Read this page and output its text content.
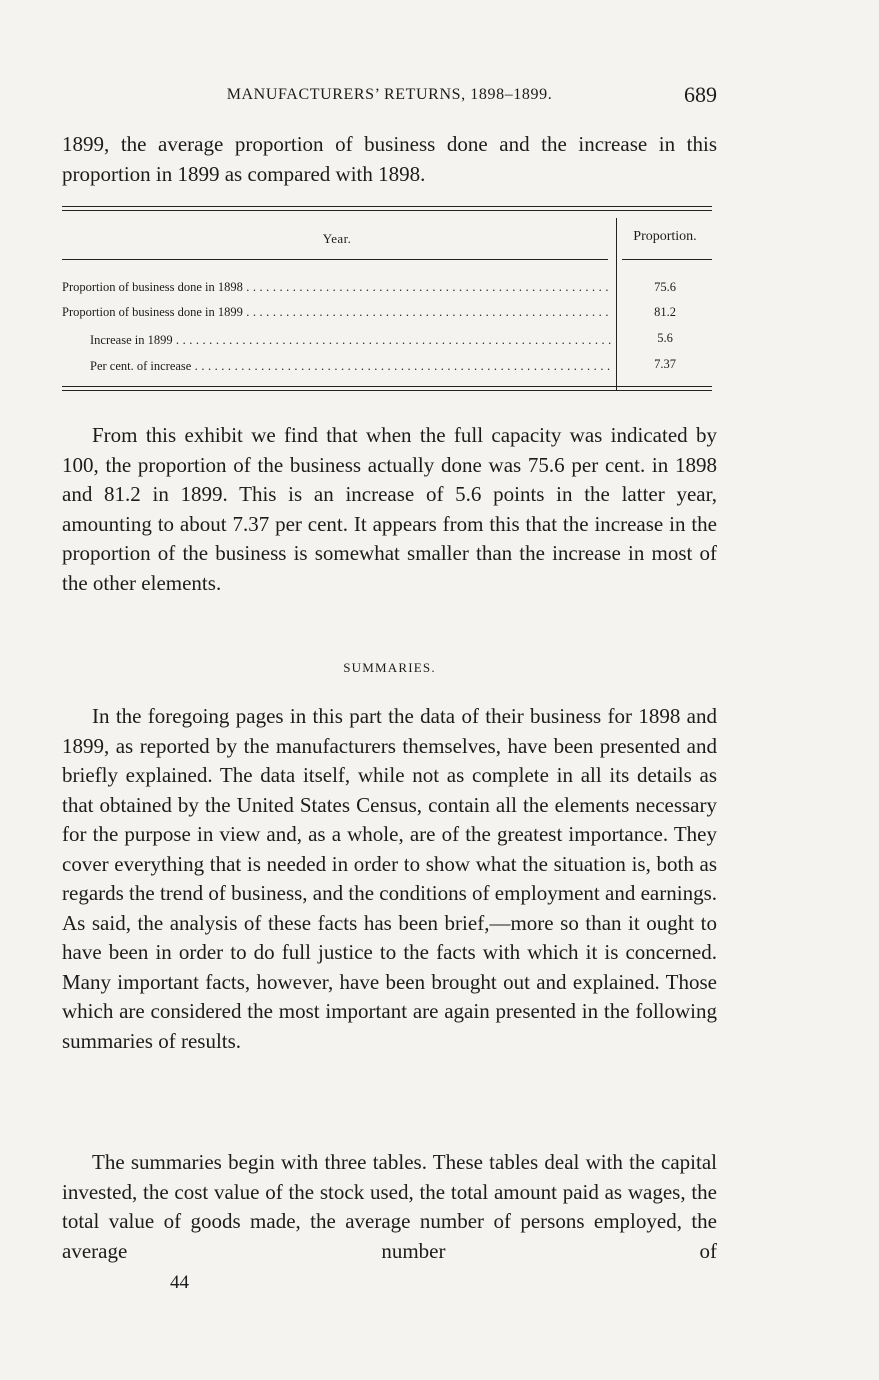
MANUFACTURERS’ RETURNS, 1898–1899.	689

1899, the average proportion of business done and the increase in this proportion in 1899 as compared with 1898.

Year.	Proportion.
Proportion of business done in 1898 . . .	75.6
Proportion of business done in 1899 . . .	81.2
Increase in 1899 . . .	5.6
Per cent. of increase . . .	7.37

From this exhibit we find that when the full capacity was indicated by 100, the proportion of the business actually done was 75.6 per cent. in 1898 and 81.2 in 1899. This is an increase of 5.6 points in the latter year, amounting to about 7.37 per cent. It appears from this that the increase in the proportion of the business is somewhat smaller than the increase in most of the other elements.

SUMMARIES.

In the foregoing pages in this part the data of their business for 1898 and 1899, as reported by the manufacturers themselves, have been presented and briefly explained. The data itself, while not as complete in all its details as that obtained by the United States Census, contain all the elements necessary for the purpose in view and, as a whole, are of the greatest importance. They cover everything that is needed in order to show what the situation is, both as regards the trend of business, and the conditions of employment and earnings. As said, the analysis of these facts has been brief,—more so than it ought to have been in order to do full justice to the facts with which it is concerned. Many important facts, however, have been brought out and explained. Those which are considered the most important are again presented in the following summaries of results.

The summaries begin with three tables. These tables deal with the capital invested, the cost value of the stock used, the total amount paid as wages, the total value of goods made, the average number of persons employed, the average number of

44
